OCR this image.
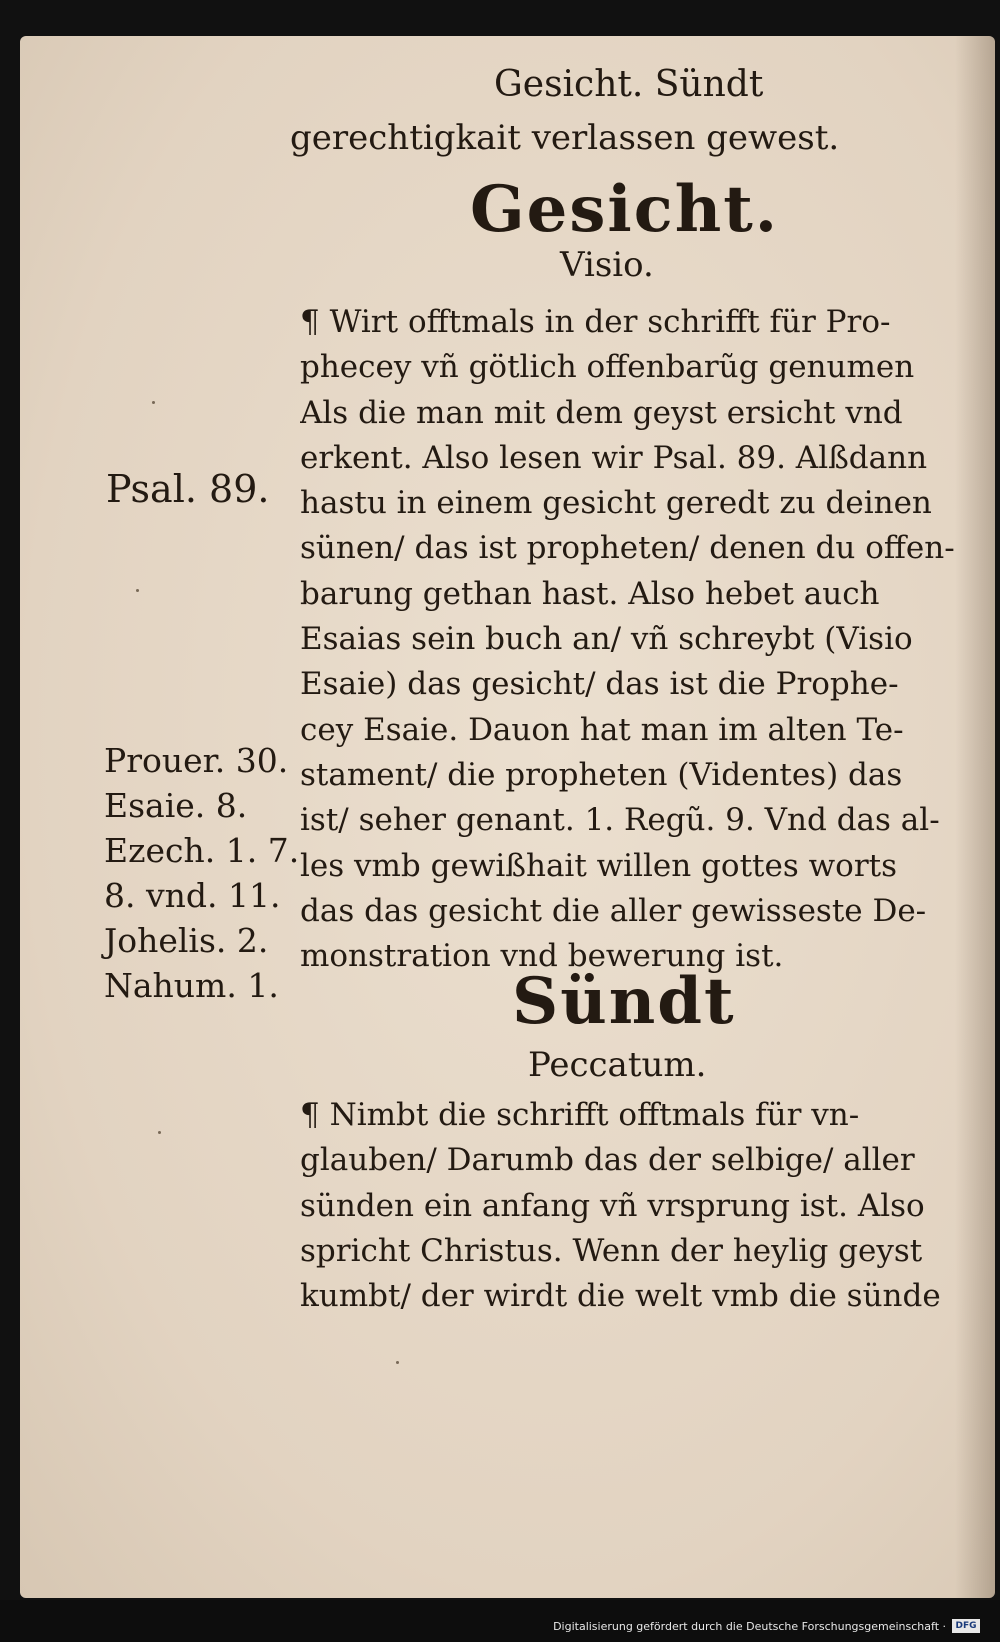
Gesicht. Sündt
gerechtigkait verlassen gewest.
Gesicht.
Visio.
¶ Wirt offtmals in der schrifft für Pro-
phecey vñ götlich offenbarũg genumen
Als die man mit dem geyst ersicht vnd
erkent. Also lesen wir Psal. 89. Alßdann
hastu in einem gesicht geredt zu deinen
sünen/ das ist propheten/ denen du offen-
barung gethan hast. Also hebet auch
Esaias sein buch an/ vñ schreybt (Visio
Esaie) das gesicht/ das ist die Prophe-
cey Esaie. Dauon hat man im alten Te-
stament/ die propheten (Videntes) das
ist/ seher genant. 1. Regũ. 9. Vnd das al-
les vmb gewißhait willen gottes worts
das das gesicht die aller gewisseste De-
monstration vnd bewerung ist.
Sündt
Peccatum.
¶ Nimbt die schrifft offtmals für vn-
glauben/ Darumb das der selbige/ aller
sünden ein anfang vñ vrsprung ist. Also
spricht Christus. Wenn der heylig geyst
kumbt/ der wirdt die welt vmb die sünde
Psal. 89.
Prouer. 30.
Esaie. 8.
Ezech. 1. 7.
8. vnd. 11.
Johelis. 2.
Nahum. 1.
Digitalisierung gefördert durch die Deutsche Forschungsgemeinschaft ·	DFG
